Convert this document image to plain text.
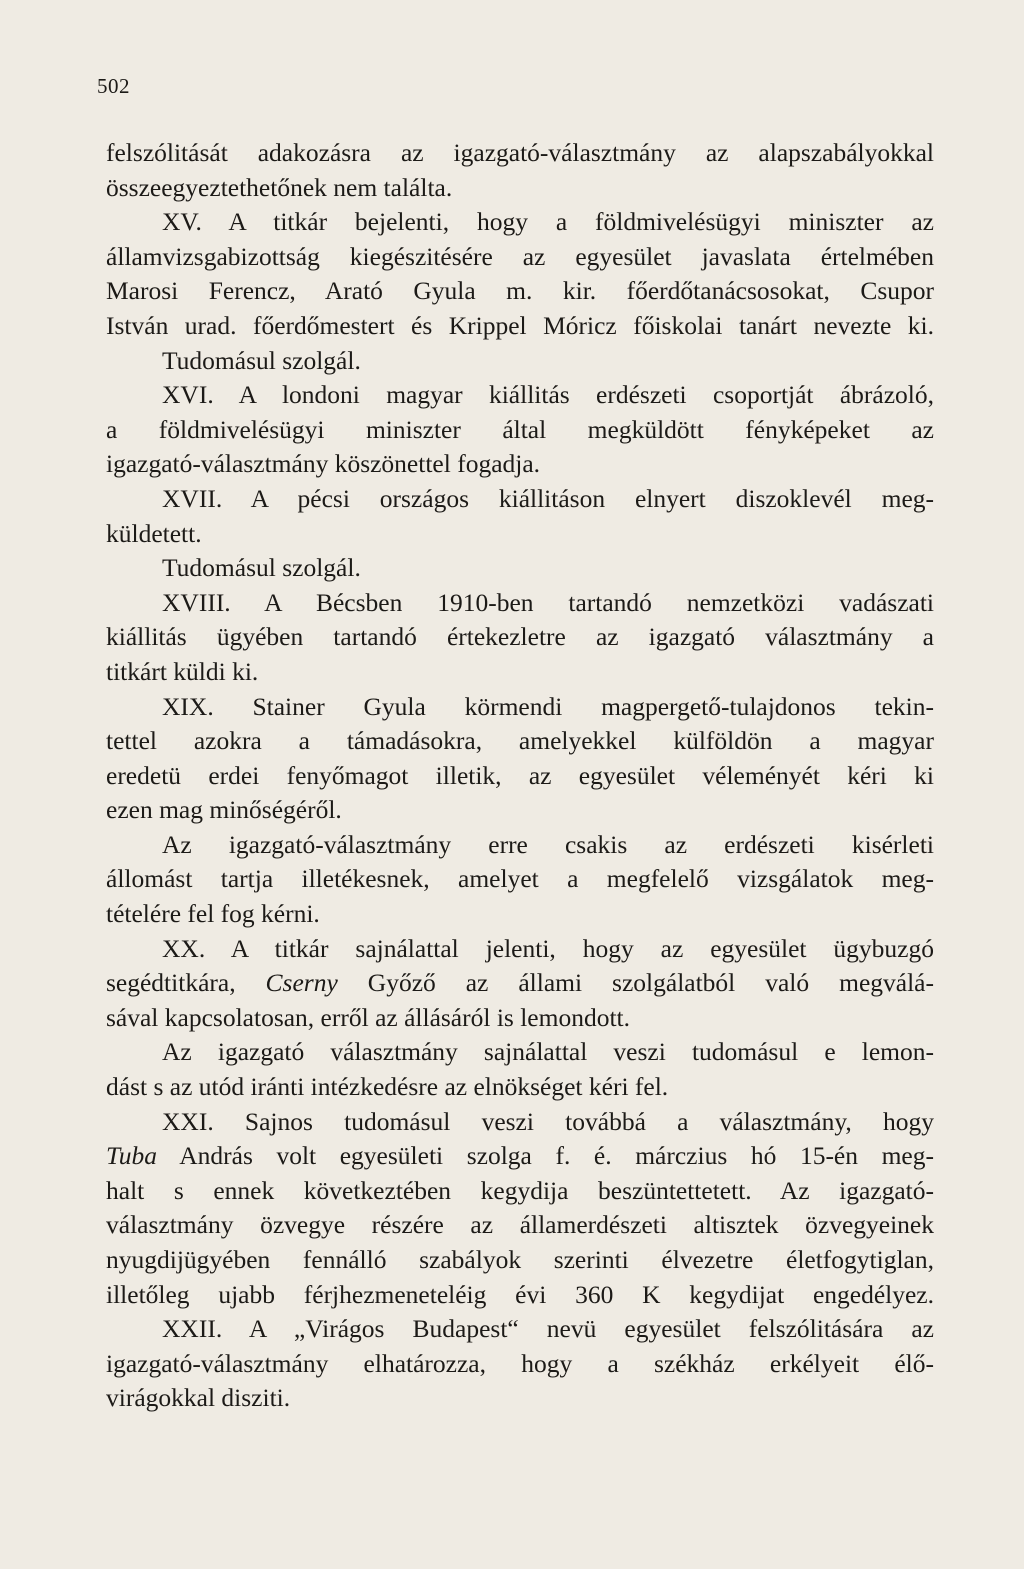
502
felszólitását adakozásra az igazgató-választmány az alapszabályokkal
összeegyeztethetőnek nem találta.
XV. A titkár bejelenti, hogy a földmivelésügyi miniszter az
államvizsgabizottság kiegészitésére az egyesület javaslata értelmében
Marosi Ferencz, Arató Gyula m. kir. főerdőtanácsosokat, Csupor
István urad. főerdőmestert és Krippel Móricz főiskolai tanárt nevezte ki.
Tudomásul szolgál.
XVI. A londoni magyar kiállitás erdészeti csoportját ábrázoló,
a földmivelésügyi miniszter által megküldött fényképeket az
igazgató-választmány köszönettel fogadja.
XVII. A pécsi országos kiállitáson elnyert diszoklevél meg-
küldetett.
Tudomásul szolgál.
XVIII. A Bécsben 1910-ben tartandó nemzetközi vadászati
kiállitás ügyében tartandó értekezletre az igazgató választmány a
titkárt küldi ki.
XIX. Stainer Gyula körmendi magpergető-tulajdonos tekin-
tettel azokra a támadásokra, amelyekkel külföldön a magyar
eredetü erdei fenyőmagot illetik, az egyesület véleményét kéri ki
ezen mag minőségéről.
Az igazgató-választmány erre csakis az erdészeti kisérleti
állomást tartja illetékesnek, amelyet a megfelelő vizsgálatok meg-
tételére fel fog kérni.
XX. A titkár sajnálattal jelenti, hogy az egyesület ügybuzgó
segédtitkára, Cserny Győző az állami szolgálatból való megválá-
sával kapcsolatosan, erről az állásáról is lemondott.
Az igazgató választmány sajnálattal veszi tudomásul e lemon-
dást s az utód iránti intézkedésre az elnökséget kéri fel.
XXI. Sajnos tudomásul veszi továbbá a választmány, hogy
Tuba András volt egyesületi szolga f. é. márczius hó 15-én meg-
halt s ennek következtében kegydija beszüntettetett. Az igazgató-
választmány özvegye részére az államerdészeti altisztek özvegyeinek
nyugdijügyében fennálló szabályok szerinti élvezetre életfogytiglan,
illetőleg ujabb férjhezmeneteléig évi 360 K kegydijat engedélyez.
XXII. A „Virágos Budapest“ nevü egyesület felszólitására az
igazgató-választmány elhatározza, hogy a székház erkélyeit élő-
virágokkal disziti.
